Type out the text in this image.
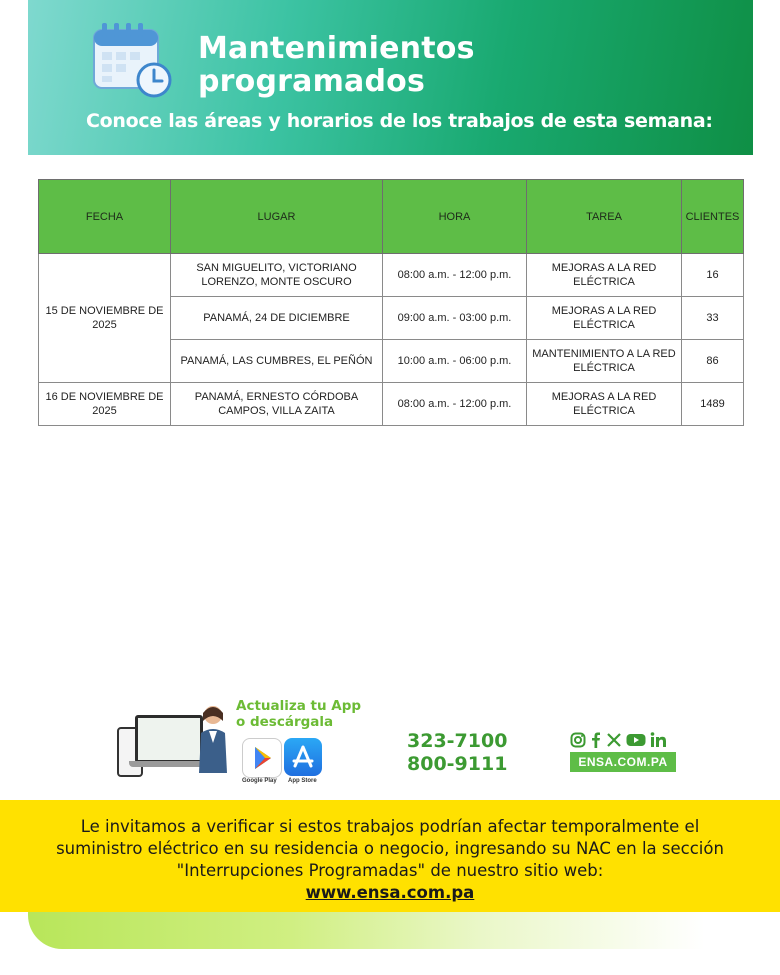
Mantenimientos
programados
Conoce las áreas y horarios de los trabajos de esta semana:
FECHA	LUGAR	HORA	TAREA	CLIENTES
15 DE NOVIEMBRE DE 2025	SAN MIGUELITO, VICTORIANO LORENZO, MONTE OSCURO	08:00 a.m. - 12:00 p.m.	MEJORAS A LA RED ELÉCTRICA	16
	PANAMÁ, 24 DE DICIEMBRE	09:00 a.m. - 03:00 p.m.	MEJORAS A LA RED ELÉCTRICA	33
	PANAMÁ, LAS CUMBRES, EL PEÑÓN	10:00 a.m. - 06:00 p.m.	MANTENIMIENTO A LA RED ELÉCTRICA	86
16 DE NOVIEMBRE DE 2025	PANAMÁ, ERNESTO CÓRDOBA CAMPOS, VILLA ZAITA	08:00 a.m. - 12:00 p.m.	MEJORAS A LA RED ELÉCTRICA	1489
Actualiza tu App
o descárgala
Google Play App Store
323-7100
800-9111	ENSA.COM.PA
Le invitamos a verificar si estos trabajos podrían afectar temporalmente el suministro eléctrico en su residencia o negocio, ingresando su NAC en la sección "Interrupciones Programadas" de nuestro sitio web:
www.ensa.com.pa
